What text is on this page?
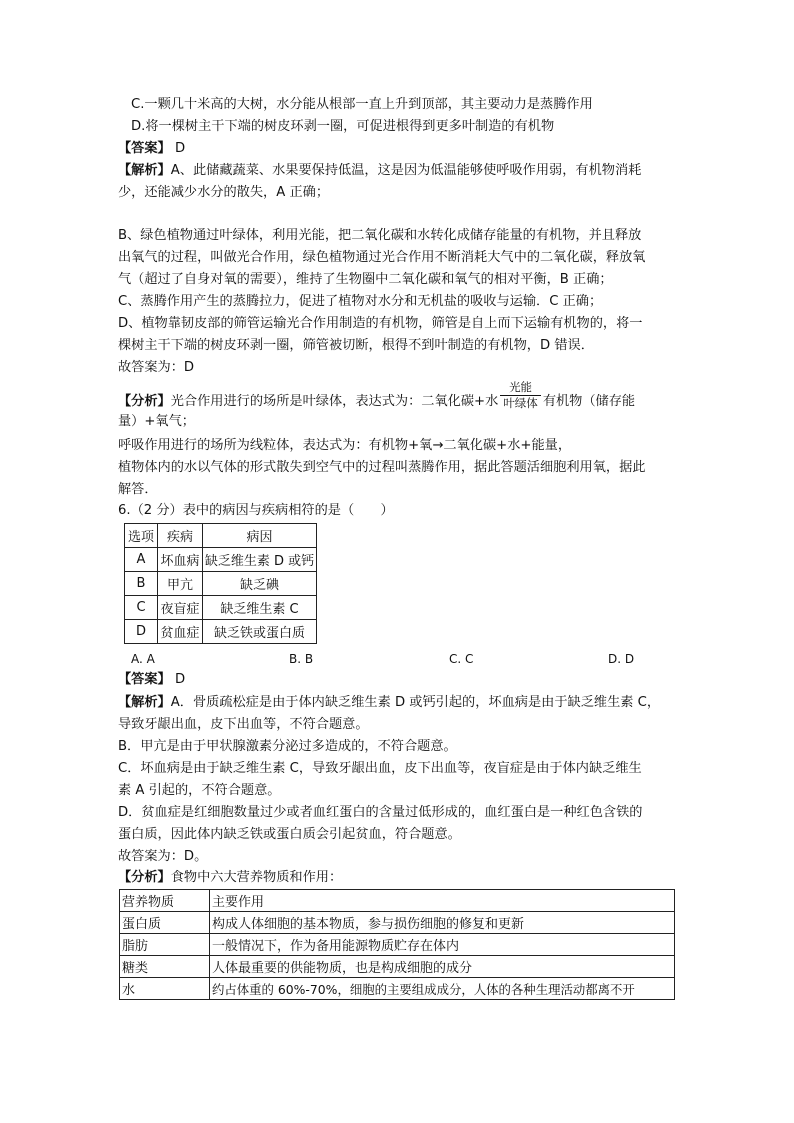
C.一颗几十米高的大树，水分能从根部一直上升到顶部，其主要动力是蒸腾作用
D.将一棵树主干下端的树皮环剥一圈，可促进根得到更多叶制造的有机物
【答案】 D
【解析】A、此储藏蔬菜、水果要保持低温，这是因为低温能够使呼吸作用弱，有机物消耗
少，还能减少水分的散失，A 正确；
B、绿色植物通过叶绿体，利用光能，把二氧化碳和水转化成储存能量的有机物，并且释放
出氧气的过程，叫做光合作用，绿色植物通过光合作用不断消耗大气中的二氧化碳，释放氧
气（超过了自身对氧的需要），维持了生物圈中二氧化碳和氧气的相对平衡，B 正确；
C、蒸腾作用产生的蒸腾拉力，促进了植物对水分和无机盐的吸收与运输．C 正确；
D、植物靠韧皮部的筛管运输光合作用制造的有机物，筛管是自上而下运输有机物的，将一
棵树主干下端的树皮环剥一圈，筛管被切断，根得不到叶制造的有机物，D 错误．
故答案为：D
【分析】光合作用进行的场所是叶绿体，表达式为：二氧化碳+水 $\frac{\text{光能}}{\text{叶绿体}}$ 有机物（储存能
量）+氧气；
呼吸作用进行的场所为线粒体，表达式为：有机物+氧→二氧化碳+水+能量，
植物体内的水以气体的形式散失到空气中的过程叫蒸腾作用，据此答题活细胞利用氧，据此
解答．
6.（2 分）表中的病因与疾病相符的是（　　）
选项	疾病	病因
A	坏血病	缺乏维生素 D 或钙
B	甲亢	缺乏碘
C	夜盲症	缺乏维生素 C
D	贫血症	缺乏铁或蛋白质
A. A	B. B	C. C	D. D
【答案】 D
【解析】A．骨质疏松症是由于体内缺乏维生素 D 或钙引起的，坏血病是由于缺乏维生素 C，
导致牙龈出血，皮下出血等，不符合题意。
B．甲亢是由于甲状腺激素分泌过多造成的，不符合题意。
C．坏血病是由于缺乏维生素 C，导致牙龈出血，皮下出血等，夜盲症是由于体内缺乏维生
素 A 引起的，不符合题意。
D．贫血症是红细胞数量过少或者血红蛋白的含量过低形成的，血红蛋白是一种红色含铁的
蛋白质，因此体内缺乏铁或蛋白质会引起贫血，符合题意。
故答案为：D。
【分析】食物中六大营养物质和作用：
营养物质	主要作用
蛋白质	构成人体细胞的基本物质，参与损伤细胞的修复和更新
脂肪	一般情况下，作为备用能源物质贮存在体内
糖类	人体最重要的供能物质，也是构成细胞的成分
水	约占体重的 60%-70%，细胞的主要组成成分，人体的各种生理活动都离不开
